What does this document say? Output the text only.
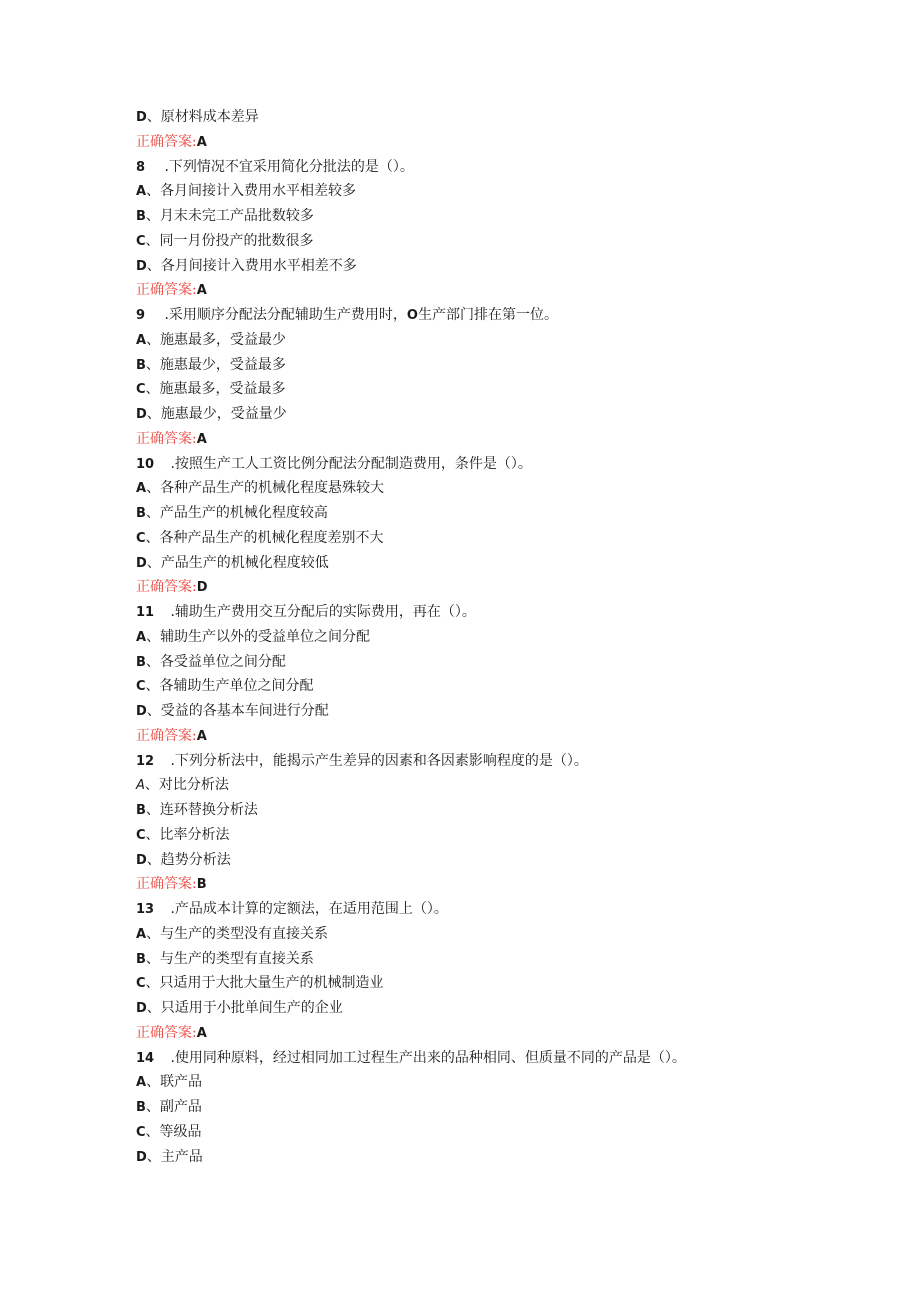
D、原材料成本差异
正确答案:A
8 .下列情况不宜采用简化分批法的是（）。
A、各月间接计入费用水平相差较多
B、月末未完工产品批数较多
C、同一月份投产的批数很多
D、各月间接计入费用水平相差不多
正确答案:A
9 .采用顺序分配法分配辅助生产费用时，O生产部门排在第一位。
A、施惠最多，受益最少
B、施惠最少，受益最多
C、施惠最多，受益最多
D、施惠最少，受益量少
正确答案:A
10 .按照生产工人工资比例分配法分配制造费用，条件是（）。
A、各种产品生产的机械化程度悬殊较大
B、产品生产的机械化程度较高
C、各种产品生产的机械化程度差别不大
D、产品生产的机械化程度较低
正确答案:D
11 .辅助生产费用交互分配后的实际费用，再在（）。
A、辅助生产以外的受益单位之间分配
B、各受益单位之间分配
C、各辅助生产单位之间分配
D、受益的各基本车间进行分配
正确答案:A
12 .下列分析法中，能揭示产生差异的因素和各因素影响程度的是（）。
A、对比分析法
B、连环替换分析法
C、比率分析法
D、趋势分析法
正确答案:B
13 .产品成本计算的定额法，在适用范围上（）。
A、与生产的类型没有直接关系
B、与生产的类型有直接关系
C、只适用于大批大量生产的机械制造业
D、只适用于小批单间生产的企业
正确答案:A
14 .使用同种原料，经过相同加工过程生产出来的品种相同、但质量不同的产品是（）。
A、联产品
B、副产品
C、等级品
D、主产品
